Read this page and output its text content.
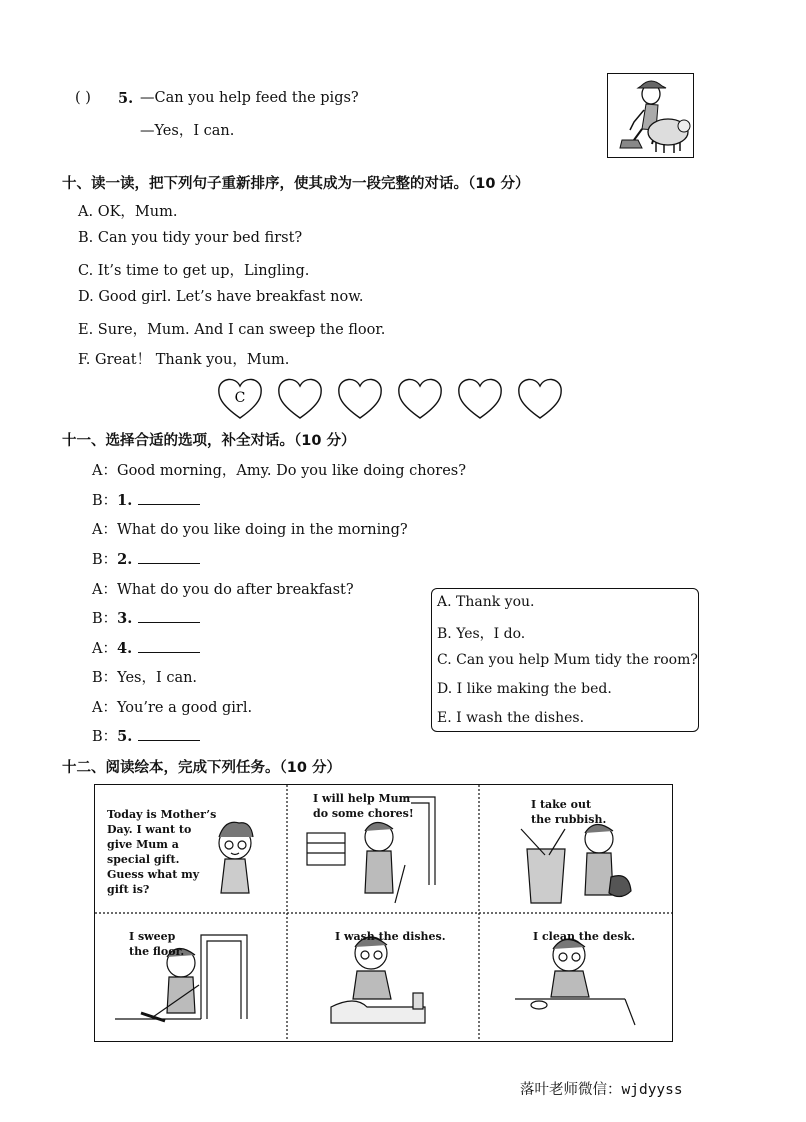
( ) 5. —Can you help feed the pigs?
—Yes，I can.
十、读一读，把下列句子重新排序，使其成为一段完整的对话。（10 分）
A. OK，Mum.
B. Can you tidy your bed first?
C. It’s time to get up，Lingling.
D. Good girl. Let’s have breakfast now.
E. Sure，Mum. And I can sweep the floor.
F. Great！ Thank you，Mum.
C
十一、选择合适的选项，补全对话。（10 分）
A：Good morning，Amy. Do you like doing chores?
B：1.
A：What do you like doing in the morning?
B：2.
A：What do you do after breakfast?
B：3.
A：4.
B：Yes，I can.
A：You’re a good girl.
B：5.
A. Thank you.
B. Yes，I do.
C. Can you help Mum tidy the room?
D. I like making the bed.
E. I wash the dishes.
十二、阅读绘本，完成下列任务。（10 分）
Today is Mother’s Day. I want to give Mum a special gift. Guess what my gift is?
I will help Mum do some chores!
I take out the rubbish.
I sweep the floor.
I wash the dishes.	I clean the desk.
落叶老师微信：wjdyyss
